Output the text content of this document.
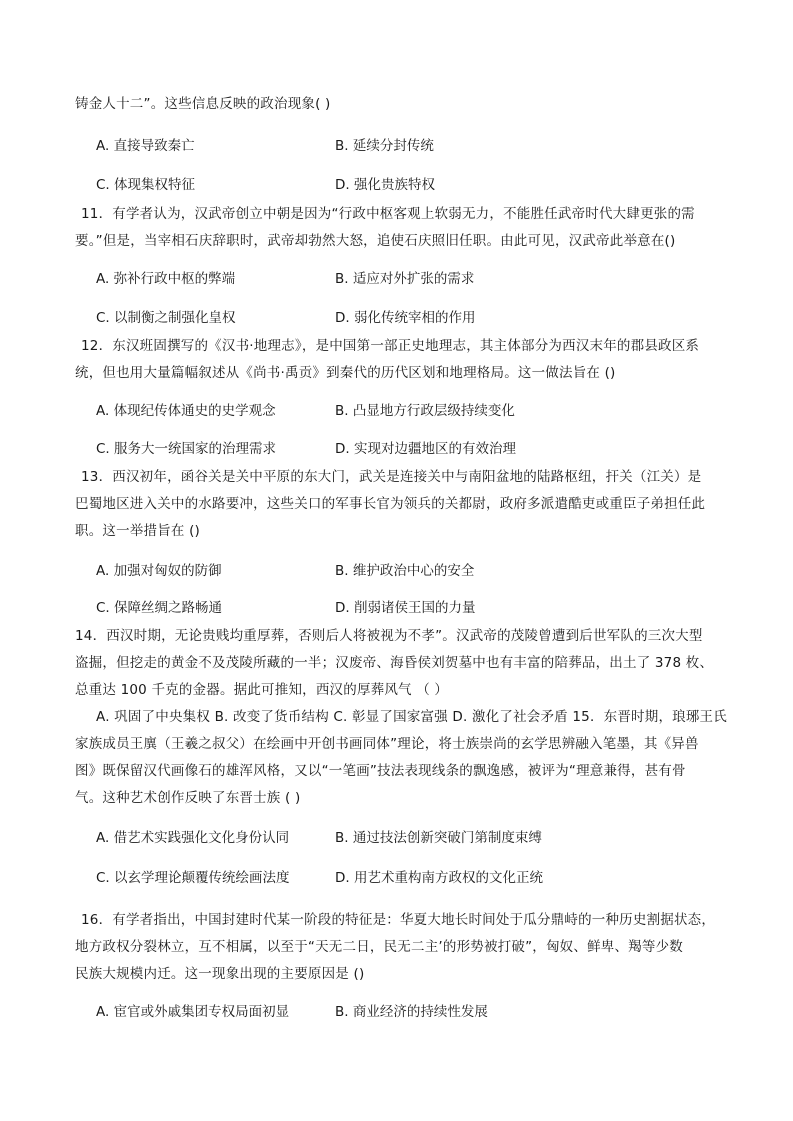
铸金人十二”。这些信息反映的政治现象( )
A. 直接导致秦亡	B. 延续分封传统
C. 体现集权特征	D. 强化贵族特权
11．有学者认为，汉武帝创立中朝是因为“行政中枢客观上软弱无力，不能胜任武帝时代大肆更张的需
要。”但是，当宰相石庆辞职时，武帝却勃然大怒，追使石庆照旧任职。由此可见，汉武帝此举意在()
A. 弥补行政中枢的弊端	B. 适应对外扩张的需求
C. 以制衡之制强化皇权	D. 弱化传统宰相的作用
12．东汉班固撰写的《汉书·地理志》，是中国第一部正史地理志，其主体部分为西汉末年的郡县政区系
统，但也用大量篇幅叙述从《尚书·禹贡》到秦代的历代区划和地理格局。这一做法旨在 ()
A. 体现纪传体通史的史学观念	B. 凸显地方行政层级持续变化
C. 服务大一统国家的治理需求	D. 实现对边疆地区的有效治理
13．西汉初年，函谷关是关中平原的东大门，武关是连接关中与南阳盆地的陆路枢纽，扞关（江关）是
巴蜀地区进入关中的水路要冲，这些关口的军事长官为领兵的关都尉，政府多派遣酷吏或重臣子弟担任此
职。这一举措旨在 ()
A. 加强对匈奴的防御	B. 维护政治中心的安全
C. 保障丝绸之路畅通	D. 削弱诸侯王国的力量
14．西汉时期，无论贵贱均重厚葬，否则后人将被视为不孝”。汉武帝的茂陵曾遭到后世军队的三次大型
盗掘，但挖走的黄金不及茂陵所藏的一半；汉废帝、海昏侯刘贺墓中也有丰富的陪葬品，出土了 378 枚、
总重达 100 千克的金器。据此可推知，西汉的厚葬风气 （ ）
A. 巩固了中央集权 B. 改变了货币结构 C. 彰显了国家富强 D. 激化了社会矛盾 15．东晋时期，琅琊王氏
家族成员王廙（王羲之叔父）在绘画中开创书画同体”理论，将士族崇尚的玄学思辨融入笔墨，其《异兽
图》既保留汉代画像石的雄浑风格，又以“一笔画”技法表现线条的飘逸感，被评为“理意兼得，甚有骨
气。这种艺术创作反映了东晋士族 ( )
A. 借艺术实践强化文化身份认同	B. 通过技法创新突破门第制度束缚
C. 以玄学理论颠覆传统绘画法度	D. 用艺术重构南方政权的文化正统
16．有学者指出，中国封建时代某一阶段的特征是：华夏大地长时间处于瓜分鼎峙的一种历史割据状态，
地方政权分裂林立，互不相属，以至于“天无二日，民无二主’的形势被打破”，匈奴、鲜卑、羯等少数
民族大规模内迁。这一现象出现的主要原因是 ()
A. 宦官或外戚集团专权局面初显	B. 商业经济的持续性发展
